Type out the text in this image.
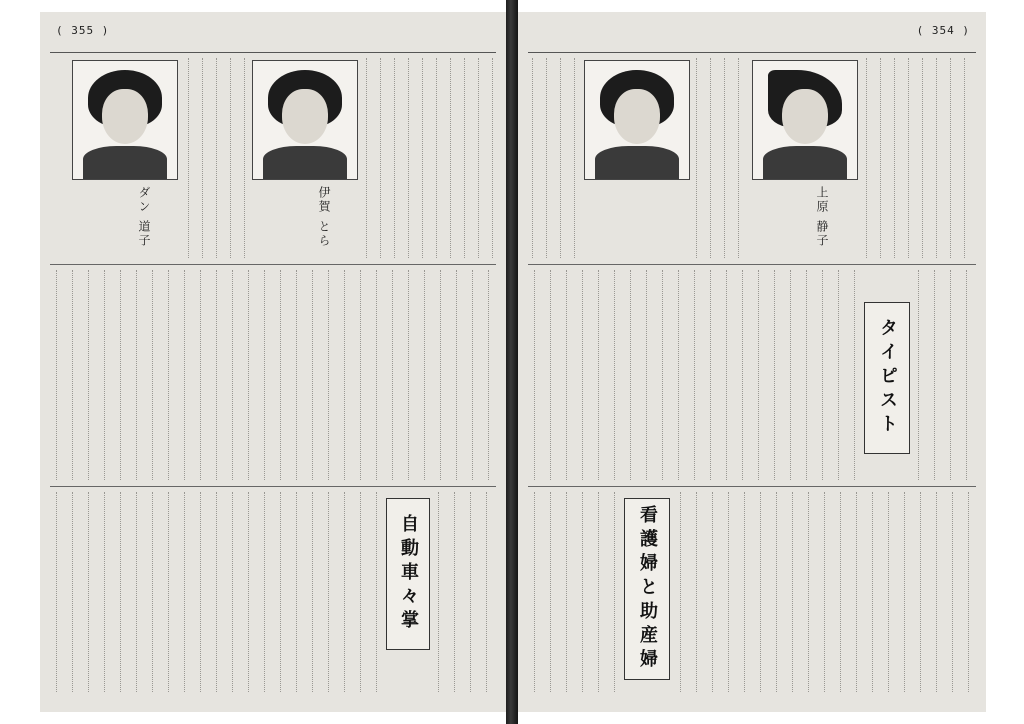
( 355 )
ダン 道子	伊賀 とら
自動車々掌
( 354 )
上原 静子
タイピスト
看護婦と助産婦
